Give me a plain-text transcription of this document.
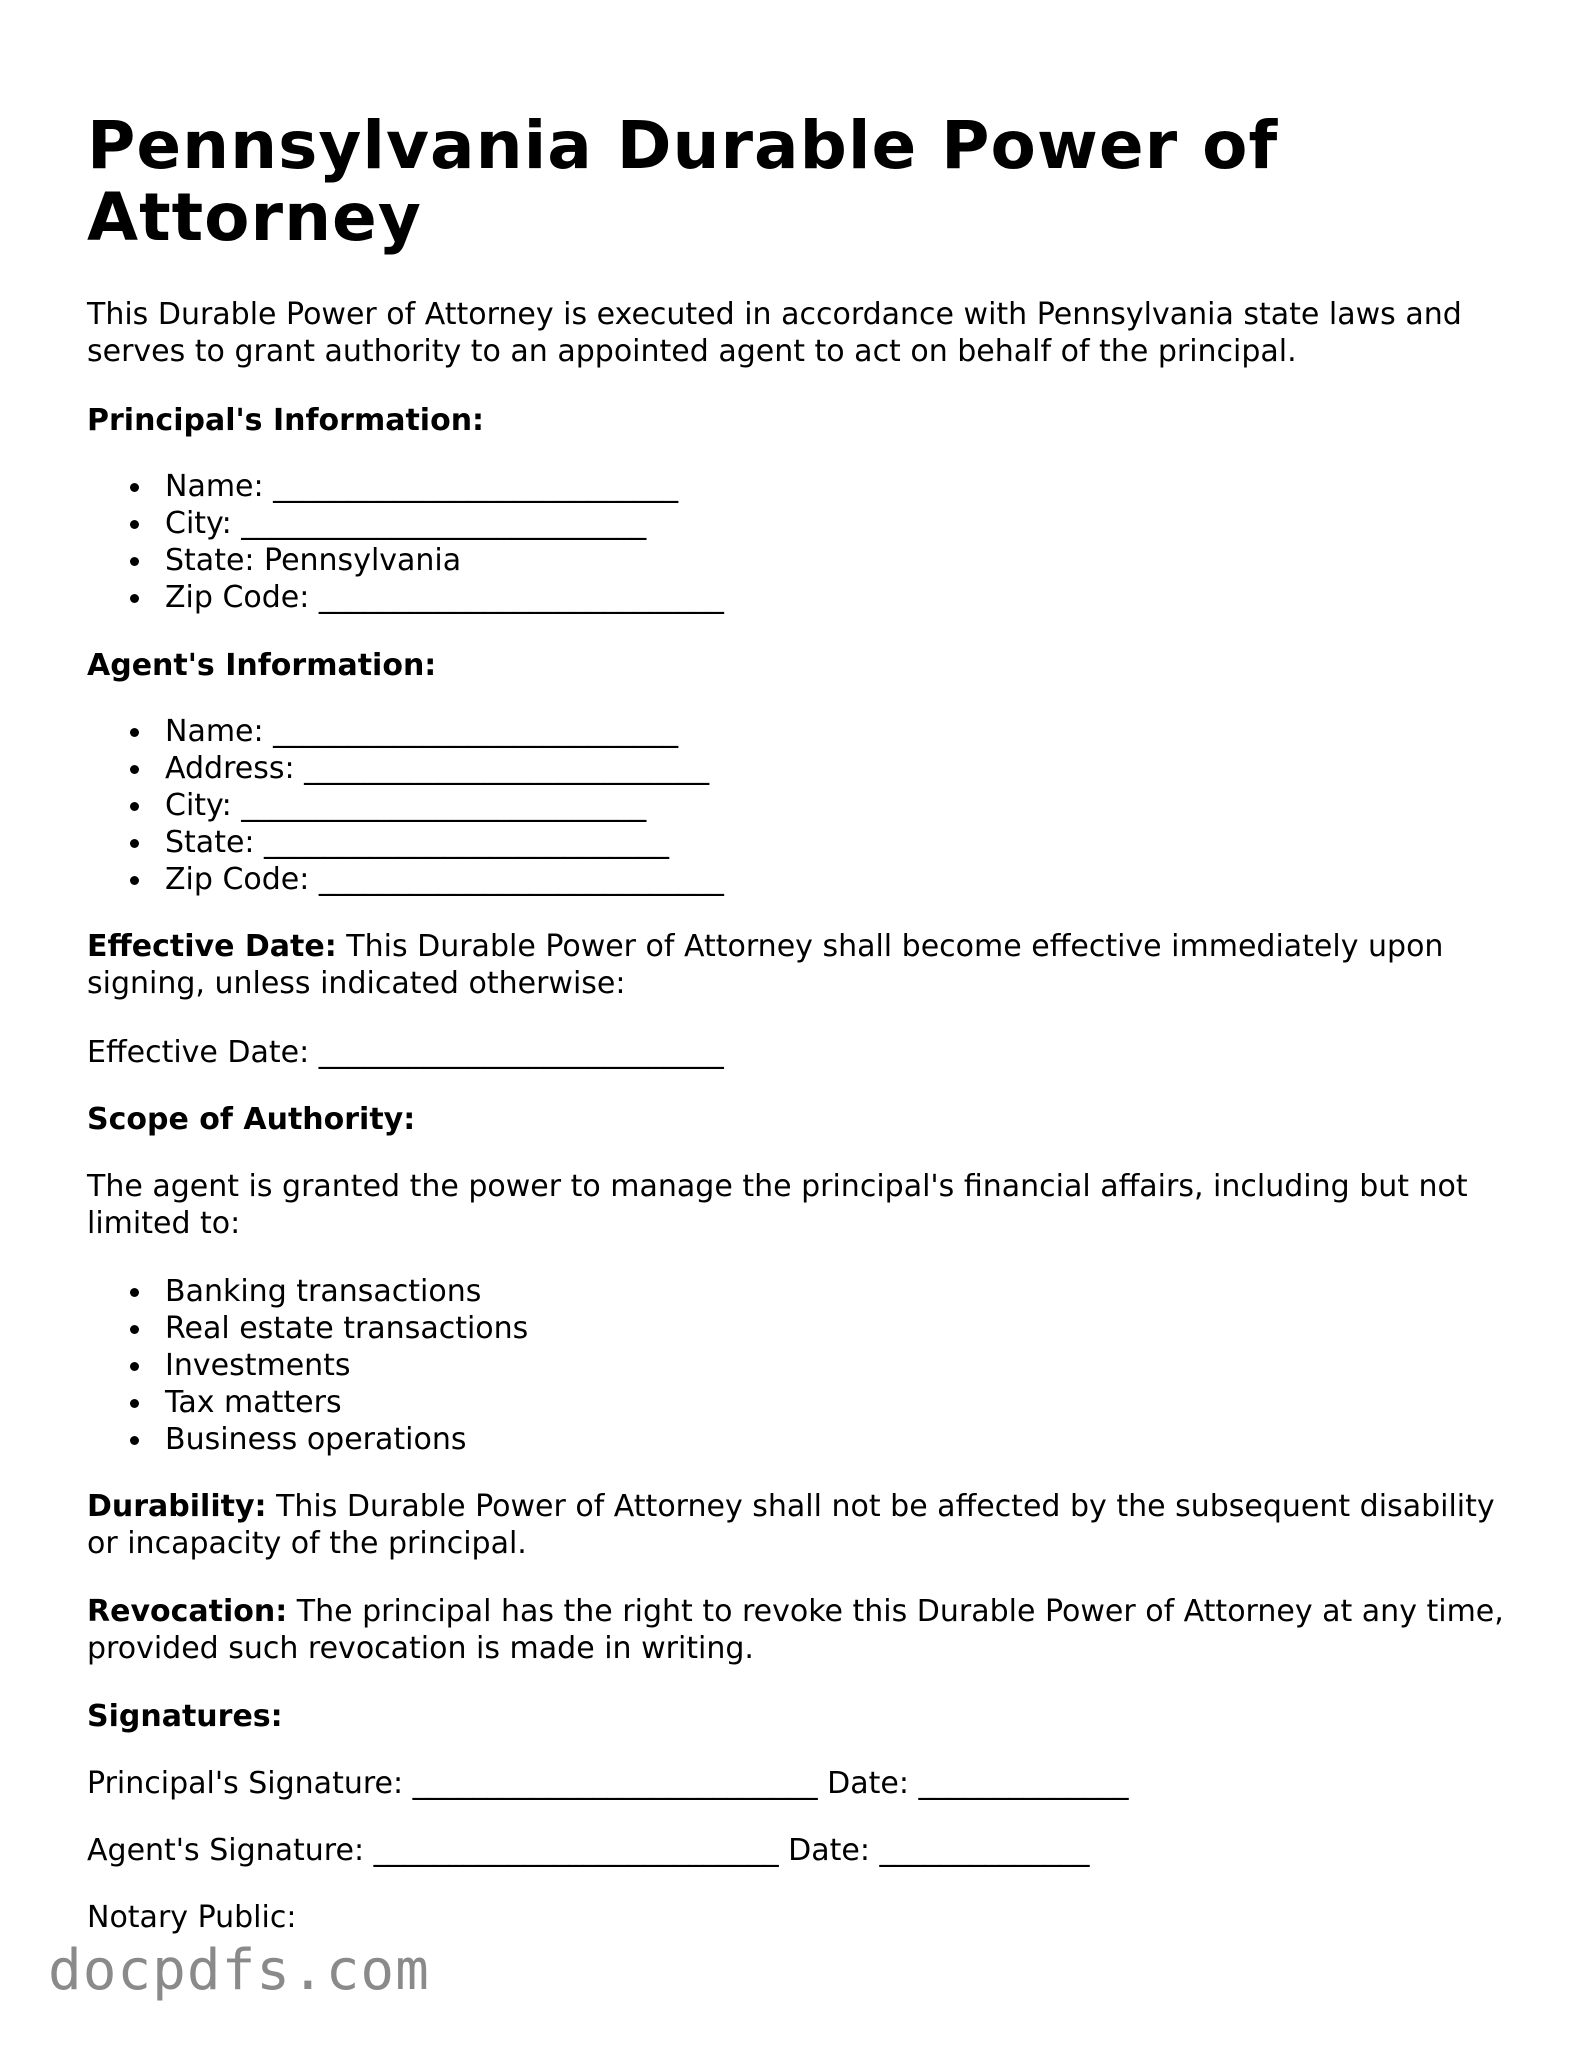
Pennsylvania Durable Power of Attorney

This Durable Power of Attorney is executed in accordance with Pennsylvania state laws and serves to grant authority to an appointed agent to act on behalf of the principal.

Principal's Information:

Name: ___________________________
City: ___________________________
State: Pennsylvania
Zip Code: ___________________________

Agent's Information:

Name: ___________________________
Address: ___________________________
City: ___________________________
State: ___________________________
Zip Code: ___________________________

Effective Date: This Durable Power of Attorney shall become effective immediately upon signing, unless indicated otherwise:

Effective Date: ___________________________

Scope of Authority:

The agent is granted the power to manage the principal's financial affairs, including but not limited to:

Banking transactions
Real estate transactions
Investments
Tax matters
Business operations

Durability: This Durable Power of Attorney shall not be affected by the subsequent disability or incapacity of the principal.

Revocation: The principal has the right to revoke this Durable Power of Attorney at any time, provided such revocation is made in writing.

Signatures:

Principal's Signature: ___________________________ Date: ______________

Agent's Signature: ___________________________ Date: ______________

Notary Public:

docpdfs.com
